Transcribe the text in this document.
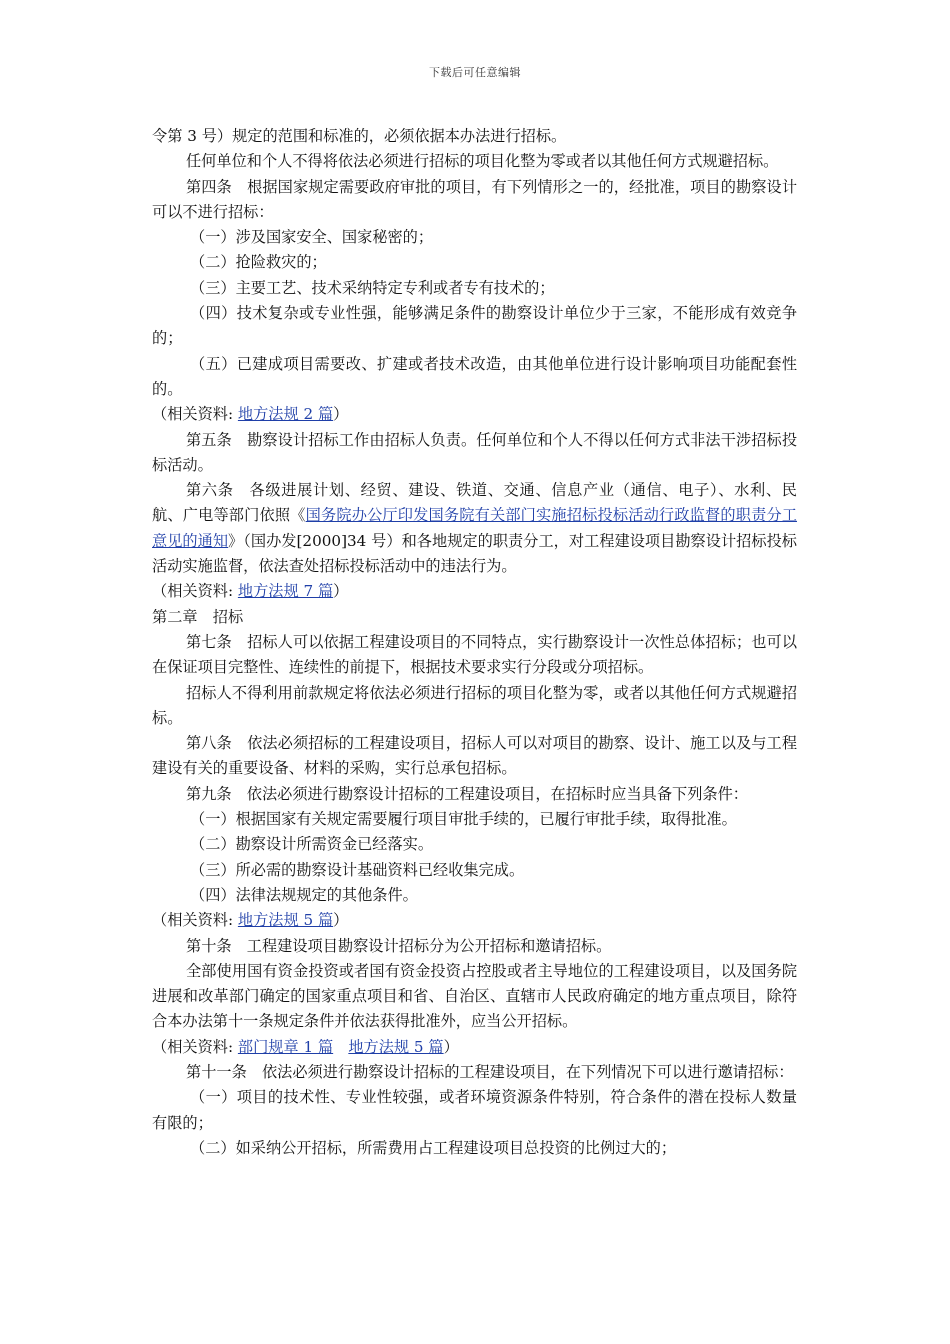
下载后可任意编辑

令第 3 号）规定的范围和标准的，必须依据本办法进行招标。

任何单位和个人不得将依法必须进行招标的项目化整为零或者以其他任何方式规避招标。

第四条　根据国家规定需要政府审批的项目，有下列情形之一的，经批准，项目的勘察设计可以不进行招标：

（一）涉及国家安全、国家秘密的；

（二）抢险救灾的；

（三）主要工艺、技术采纳特定专利或者专有技术的；

（四）技术复杂或专业性强，能够满足条件的勘察设计单位少于三家，不能形成有效竞争的；

（五）已建成项目需要改、扩建或者技术改造，由其他单位进行设计影响项目功能配套性的。

（相关资料: 地方法规 2 篇）

第五条　勘察设计招标工作由招标人负责。任何单位和个人不得以任何方式非法干涉招标投标活动。

第六条　各级进展计划、经贸、建设、铁道、交通、信息产业（通信、电子）、水利、民航、广电等部门依照《国务院办公厅印发国务院有关部门实施招标投标活动行政监督的职责分工意见的通知》（国办发[2000]34 号）和各地规定的职责分工，对工程建设项目勘察设计招标投标活动实施监督，依法查处招标投标活动中的违法行为。

（相关资料: 地方法规 7 篇）

第二章　招标

第七条　招标人可以依据工程建设项目的不同特点，实行勘察设计一次性总体招标；也可以在保证项目完整性、连续性的前提下，根据技术要求实行分段或分项招标。

招标人不得利用前款规定将依法必须进行招标的项目化整为零，或者以其他任何方式规避招标。

第八条　依法必须招标的工程建设项目，招标人可以对项目的勘察、设计、施工以及与工程建设有关的重要设备、材料的采购，实行总承包招标。

第九条　依法必须进行勘察设计招标的工程建设项目，在招标时应当具备下列条件：

（一）根据国家有关规定需要履行项目审批手续的，已履行审批手续，取得批准。

（二）勘察设计所需资金已经落实。

（三）所必需的勘察设计基础资料已经收集完成。

（四）法律法规规定的其他条件。

（相关资料: 地方法规 5 篇）

第十条　工程建设项目勘察设计招标分为公开招标和邀请招标。

全部使用国有资金投资或者国有资金投资占控股或者主导地位的工程建设项目，以及国务院进展和改革部门确定的国家重点项目和省、自治区、直辖市人民政府确定的地方重点项目，除符合本办法第十一条规定条件并依法获得批准外，应当公开招标。

（相关资料: 部门规章 1 篇　 地方法规 5 篇）

第十一条　依法必须进行勘察设计招标的工程建设项目，在下列情况下可以进行邀请招标：

（一）项目的技术性、专业性较强，或者环境资源条件特别，符合条件的潜在投标人数量有限的；

（二）如采纳公开招标，所需费用占工程建设项目总投资的比例过大的；
